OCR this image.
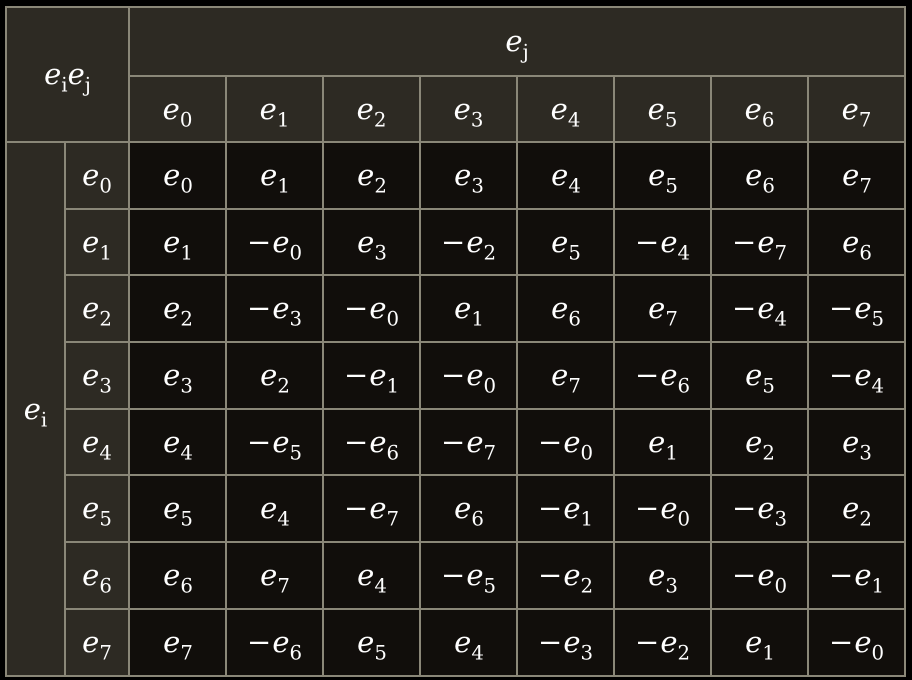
$e_ie_j$		$e_j$
		$e_0$	$e_1$	$e_2$	$e_3$	$e_4$	$e_5$	$e_6$	$e_7$
$e_i$	$e_0$	$e_0$	$e_1$	$e_2$	$e_3$	$e_4$	$e_5$	$e_6$	$e_7$
	$e_1$	$e_1$	$-e_0$	$e_3$	$-e_2$	$e_5$	$-e_4$	$-e_7$	$e_6$
	$e_2$	$e_2$	$-e_3$	$-e_0$	$e_1$	$e_6$	$e_7$	$-e_4$	$-e_5$
	$e_3$	$e_3$	$e_2$	$-e_1$	$-e_0$	$e_7$	$-e_6$	$e_5$	$-e_4$
	$e_4$	$e_4$	$-e_5$	$-e_6$	$-e_7$	$-e_0$	$e_1$	$e_2$	$e_3$
	$e_5$	$e_5$	$e_4$	$-e_7$	$e_6$	$-e_1$	$-e_0$	$-e_3$	$e_2$
	$e_6$	$e_6$	$e_7$	$e_4$	$-e_5$	$-e_2$	$e_3$	$-e_0$	$-e_1$
	$e_7$	$e_7$	$-e_6$	$e_5$	$e_4$	$-e_3$	$-e_2$	$e_1$	$-e_0$
